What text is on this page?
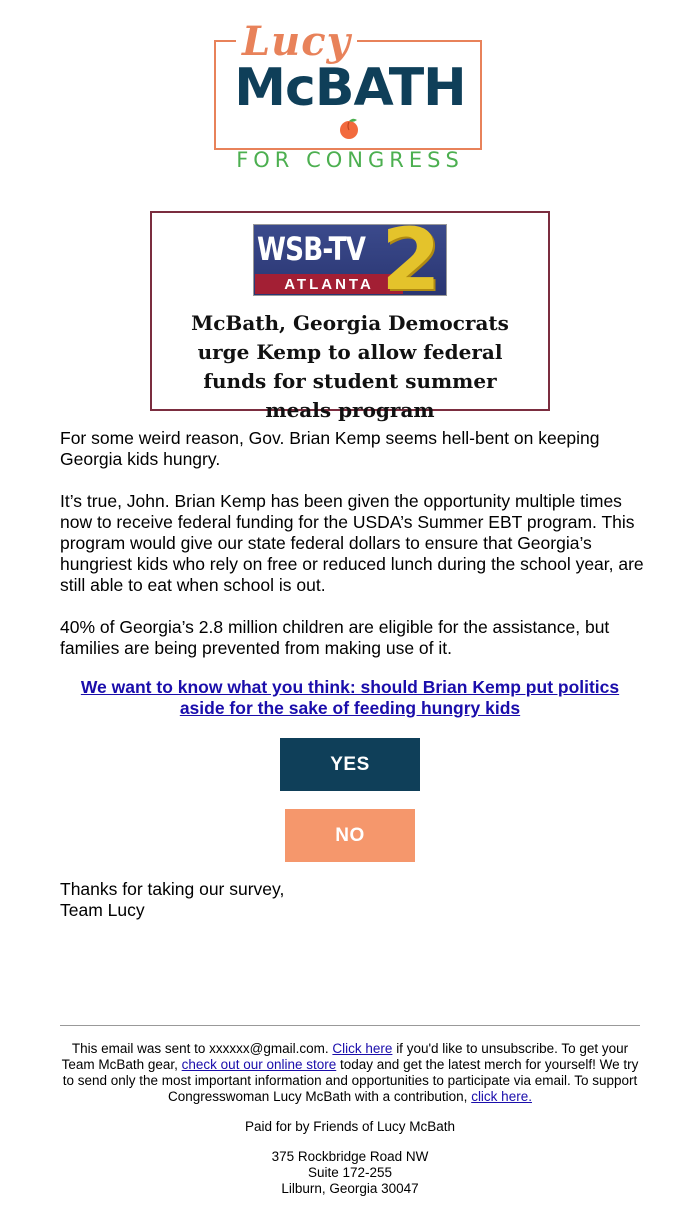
Lucy
McBATH
FOR CONGRESS
WSB-TV
ATLANTA 2
McBath, Georgia Democrats urge Kemp to allow federal funds for student summer meals program
For some weird reason, Gov. Brian Kemp seems hell-bent on keeping Georgia kids hungry.
It’s true, John. Brian Kemp has been given the opportunity multiple times now to receive federal funding for the USDA’s Summer EBT program. This program would give our state federal dollars to ensure that Georgia’s hungriest kids who rely on free or reduced lunch during the school year, are still able to eat when school is out.
40% of Georgia’s 2.8 million children are eligible for the assistance, but families are being prevented from making use of it.
We want to know what you think: should Brian Kemp put politics aside for the sake of feeding hungry kids
YES
NO
Thanks for taking our survey,
Team Lucy
This email was sent to xxxxxx@gmail.com. Click here if you'd like to unsubscribe. To get your Team McBath gear, check out our online store today and get the latest merch for yourself! We try to send only the most important information and opportunities to participate via email. To support Congresswoman Lucy McBath with a contribution, click here.
Paid for by Friends of Lucy McBath
375 Rockbridge Road NW
Suite 172-255
Lilburn, Georgia 30047
